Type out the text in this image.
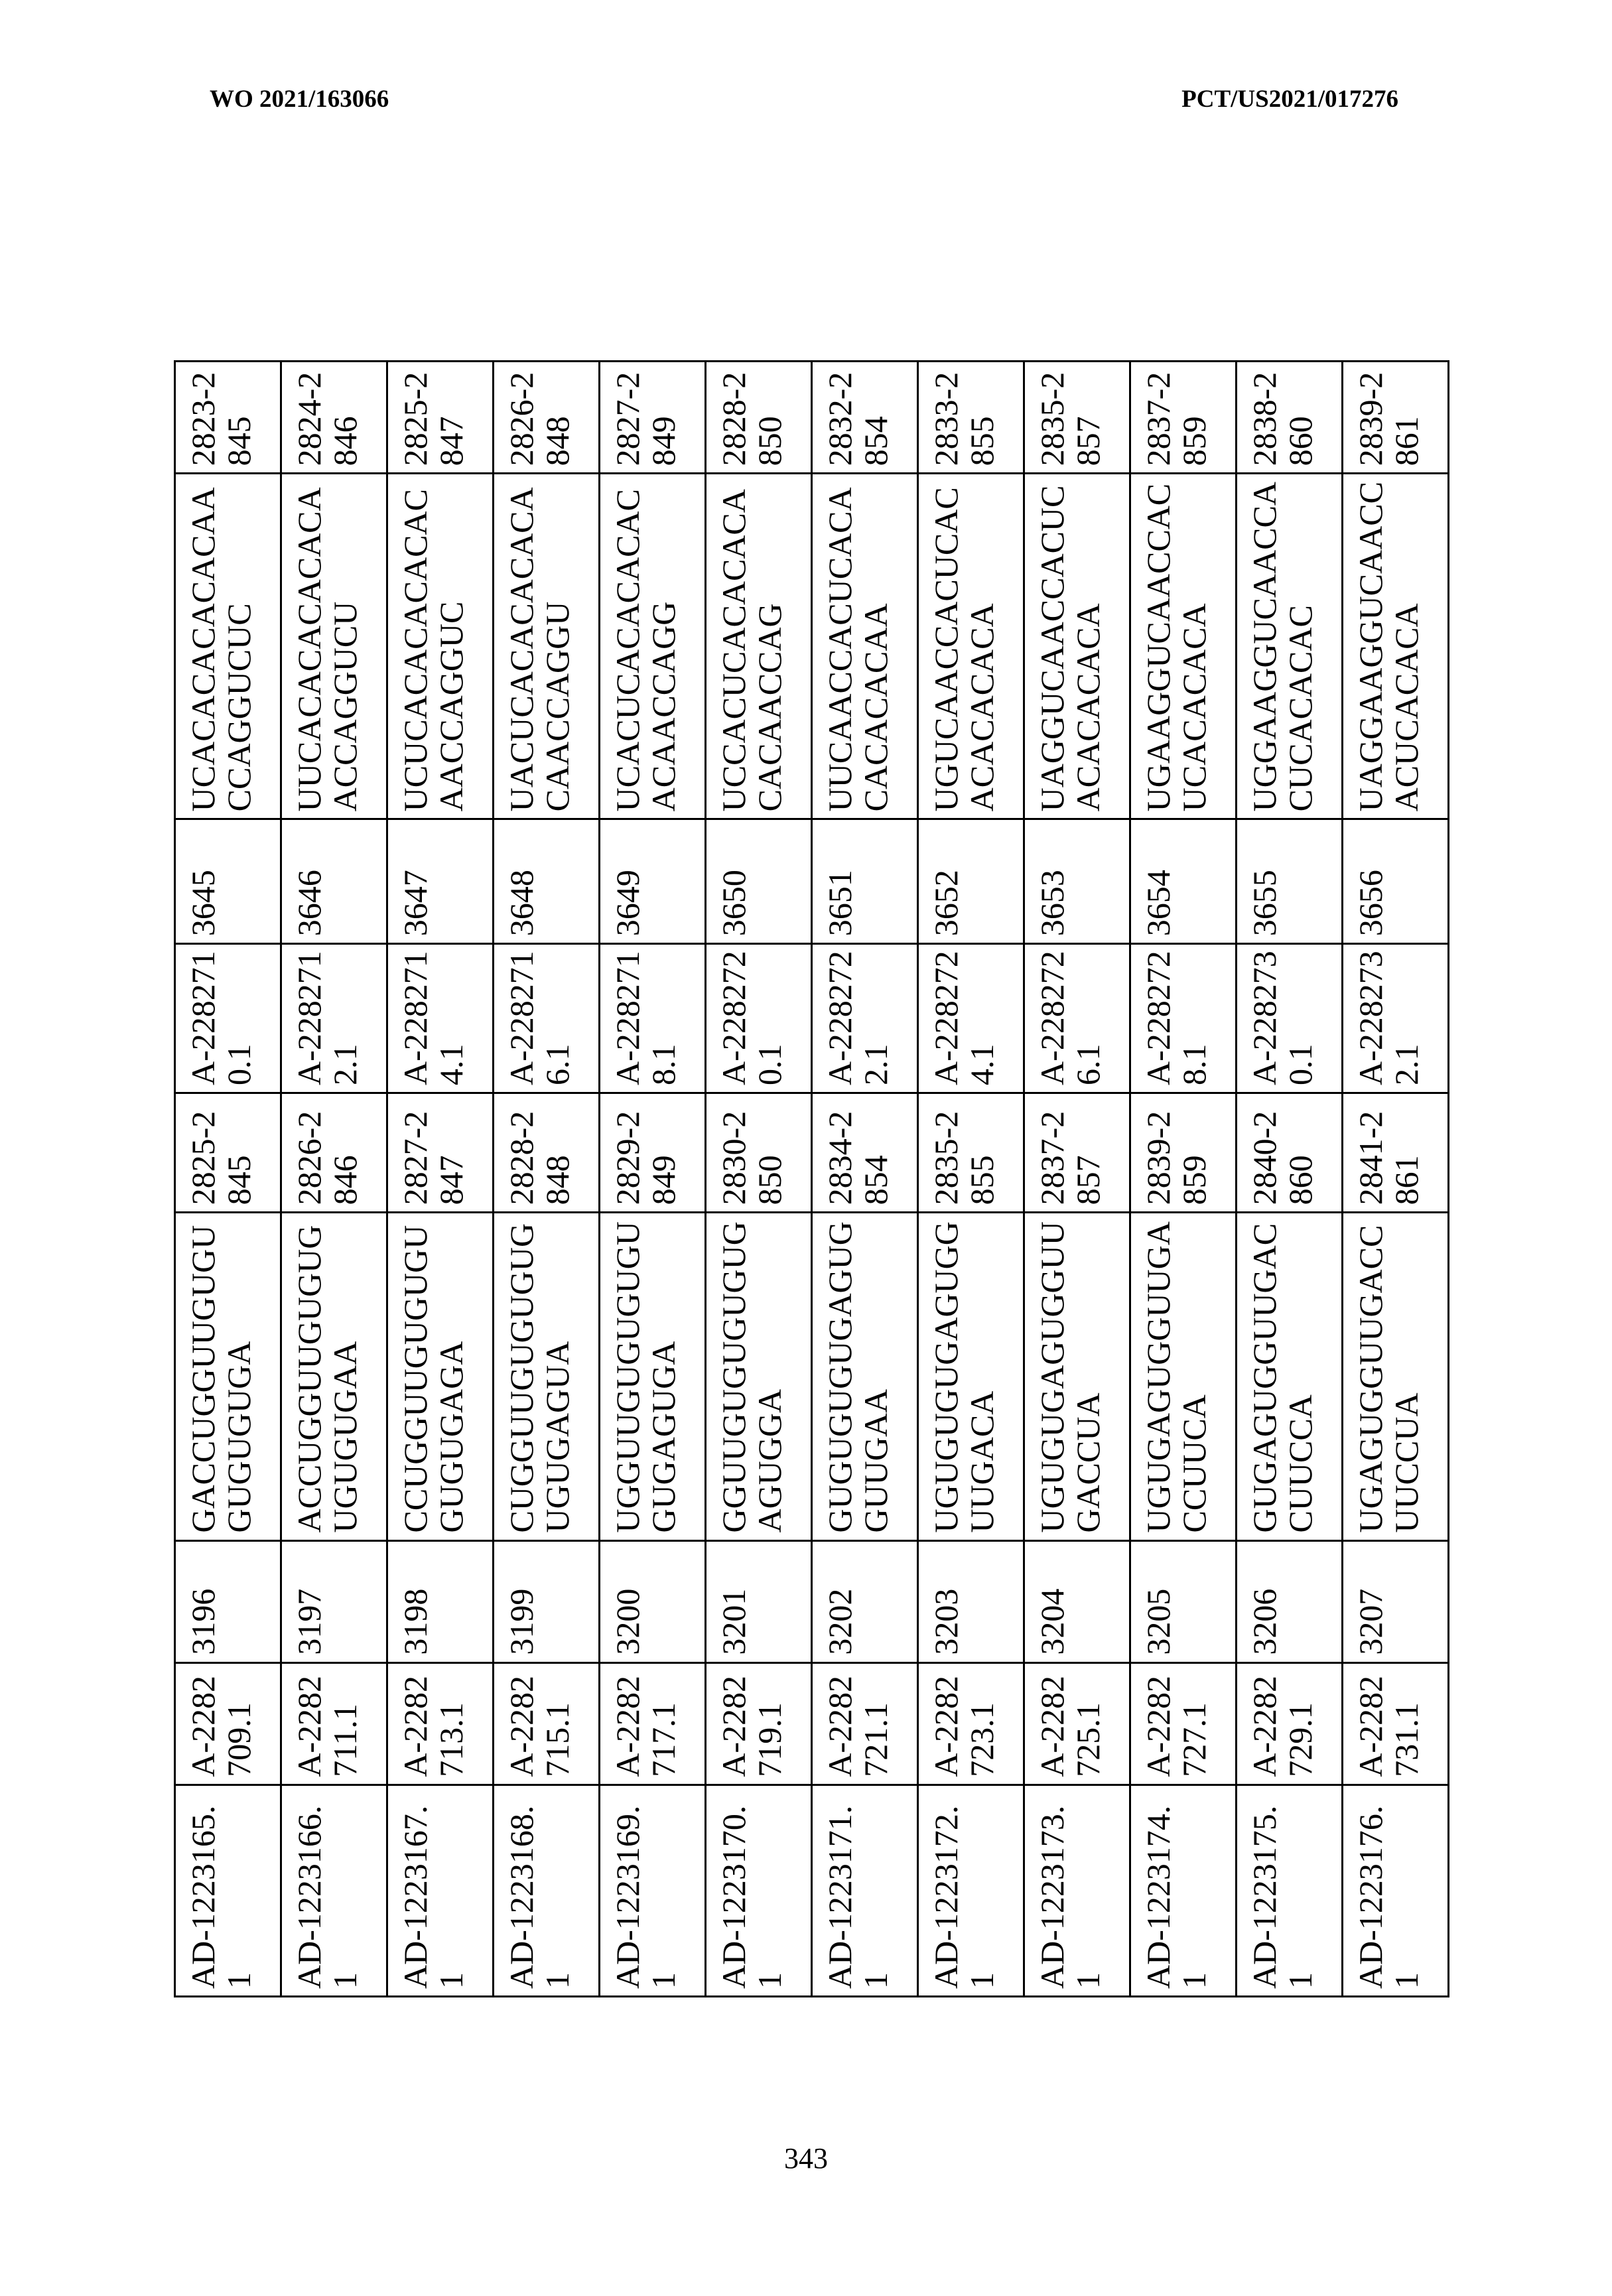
WO 2021/163066	PCT/US2021/017276
AD-1223165.1	A-2282709.1	3196	GACCUGGUUGUGUGUGUGUGA	2825-2845	A-2282710.1	3645	UCACACACACACAACCAGGUCUC	2823-2845
AD-1223166.1	A-2282711.1	3197	ACCUGGUUGUGUGUGUGUGAA	2826-2846	A-2282712.1	3646	UUCACACACACACAACCAGGUCU	2824-2846
AD-1223167.1	A-2282713.1	3198	CCUGGUUGUGUGUGUGUGAGA	2827-2847	A-2282714.1	3647	UCUCACACACACACAACCAGGUC	2825-2847
AD-1223168.1	A-2282715.1	3199	CUGGUUGUGUGUGUGUGAGUA	2828-2848	A-2282716.1	3648	UACUCACACACACACAACCAGGU	2826-2848
AD-1223169.1	A-2282717.1	3200	UGGUUGUGUGUGUGUGAGUGA	2829-2849	A-2282718.1	3649	UCACUCACACACACACAACCAGG	2827-2849
AD-1223170.1	A-2282719.1	3201	GGUUGUGUGUGUGAGUGGA	2830-2850	A-2282720.1	3650	UCCACUCACACACACACAACCAG	2828-2850
AD-1223171.1	A-2282721.1	3202	GUGUGUGUGAGUGGUUGAA	2834-2854	A-2282722.1	3651	UUCAACCACUCACACACACACAA	2832-2854
AD-1223172.1	A-2282723.1	3203	UGUGUGUGAGUGGUUGACA	2835-2855	A-2282724.1	3652	UGUCAACCACUCACACACACACA	2833-2855
AD-1223173.1	A-2282725.1	3204	UGUGUGAGUGGUUGACCUA	2837-2857	A-2282726.1	3653	UAGGUCAACCACUCACACACACA	2835-2857
AD-1223174.1	A-2282727.1	3205	UGUGAGUGGUUGACCUUCA	2839-2859	A-2282728.1	3654	UGAAGGUCAACCACUCACACACA	2837-2859
AD-1223175.1	A-2282729.1	3206	GUGAGUGGUUGACCUUCCA	2840-2860	A-2282730.1	3655	UGGAAGGUCAACCACUCACACAC	2838-2860
AD-1223176.1	A-2282731.1	3207	UGAGUGGUUGACCUUCCUA	2841-2861	A-2282732.1	3656	UAGGAAGGUCAACCACUCACACA	2839-2861
343
